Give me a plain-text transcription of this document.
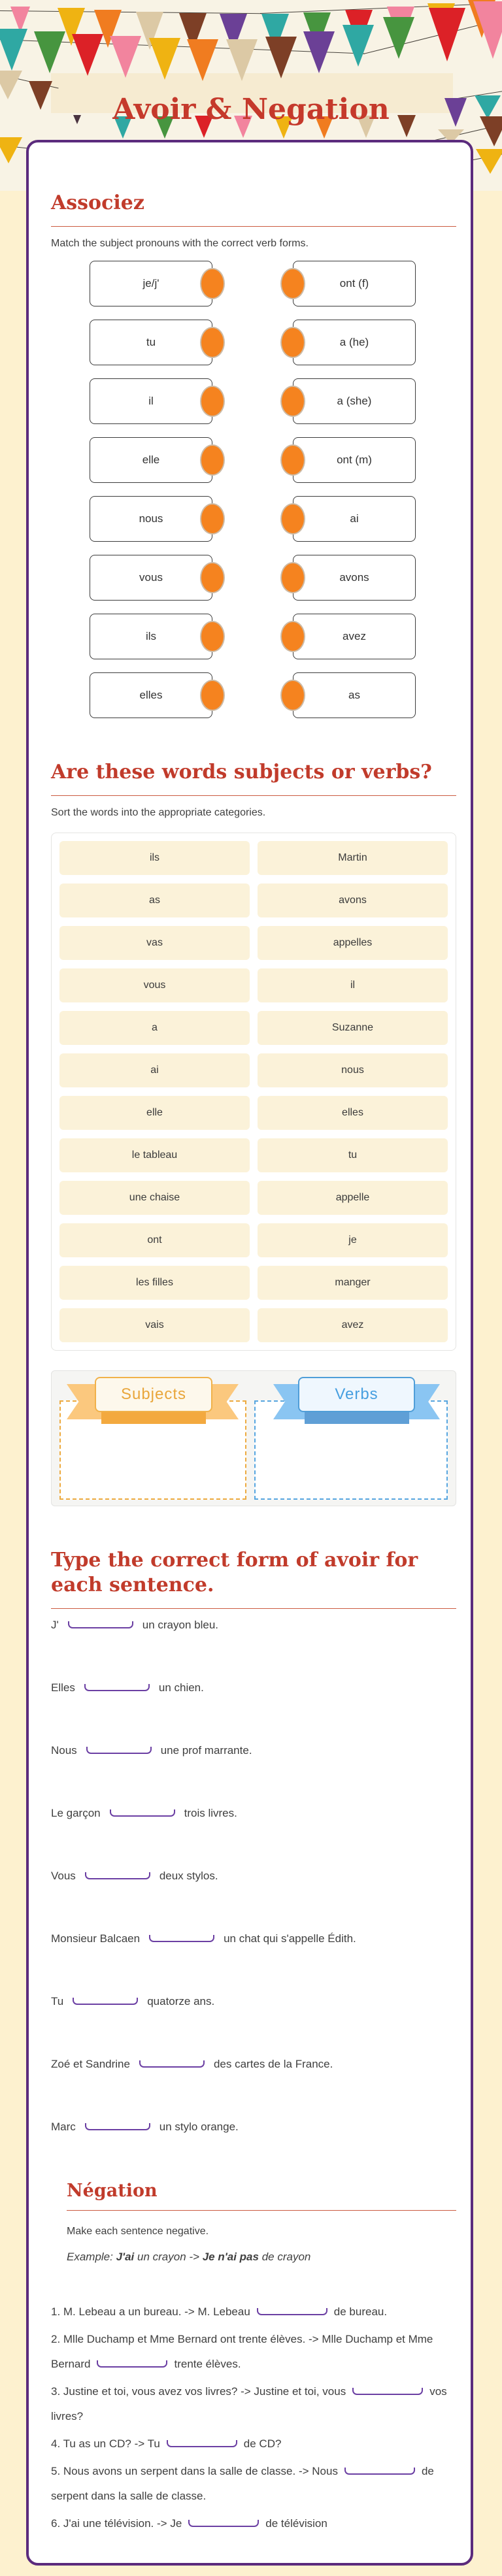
Avoir & Negation
Associez

Match the subject pronouns with the correct verb forms.

je/j'	ont (f)
tu	a (he)
il	a (she)
elle	ont (m)
nous	ai
vous	avons
ils	avez
elles	as
Are these words subjects or verbs?

Sort the words into the appropriate categories.

ils	Martin
as	avons
vas	appelles
vous	il
a	Suzanne
ai	nous
elle	elles
le tableau	tu
une chaise	appelle
ont	je
les filles	manger
vais	avez
Subjects	Verbs
Type the correct form of avoir for each sentence.

J'	un crayon bleu.

Elles	un chien.

Nous	une prof marrante.

Le garçon	trois livres.

Vous	deux stylos.

Monsieur Balcaen	un chat qui s'appelle Édith.

Tu	quatorze ans.

Zoé et Sandrine	des cartes de la France.

Marc	un stylo orange.

Négation

Make each sentence negative.

Example: J'ai un crayon -> Je n'ai pas de crayon

1. M. Lebeau a un bureau. -> M. Lebeau	de bureau.

2. Mlle Duchamp et Mme Bernard ont trente élèves. -> Mlle Duchamp et Mme Bernard	trente élèves.

3. Justine et toi, vous avez vos livres? -> Justine et toi, vous	vos livres?

4. Tu as un CD? -> Tu	de CD?

5. Nous avons un serpent dans la salle de classe. -> Nous	de serpent dans la salle de classe.

6. J'ai une télévision. -> Je	de télévision
